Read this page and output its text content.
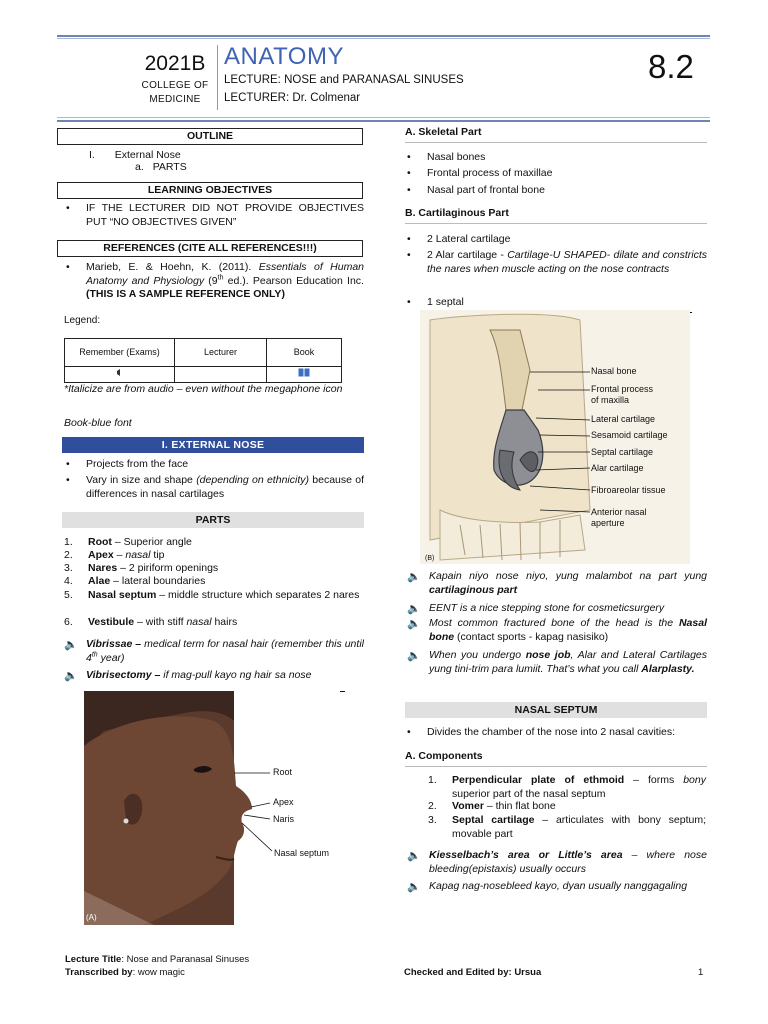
2021B
COLLEGE OF
MEDICINE
ANATOMY
LECTURE: NOSE and PARANASAL SINUSES
LECTURER: Dr. Colmenar
8.2
OUTLINE
I. External Nose
a. PARTS
LEARNING OBJECTIVES
• IF THE LECTURER DID NOT PROVIDE OBJECTIVES PUT “NO OBJECTIVES GIVEN”
REFERENCES (CITE ALL REFERENCES!!!)
• Marieb, E. & Hoehn, K. (2011). Essentials of Human Anatomy and Physiology (9th ed.). Pearson Education Inc. (THIS IS A SAMPLE REFERENCE ONLY)
Legend:
Remember (Exams)	Lecturer	Book

*Italicize are from audio – even without the megaphone icon
Book-blue font
I. EXTERNAL NOSE
• Projects from the face
• Vary in size and shape (depending on ethnicity) because of differences in nasal cartilages
PARTS
1. Root – Superior angle
2. Apex – nasal tip
3. Nares – 2 piriform openings
4. Alae – lateral boundaries
5. Nasal septum – middle structure which separates 2 nares
6. Vestibule – with stiff nasal hairs
🔈 Vibrissae – medical term for nasal hair (remember this until 4th year)
🔈 Vibrisectomy – if mag-pull kayo ng hair sa nose
Root
Apex
Naris
Nasal septum
(A)
A. Skeletal Part
• Nasal bones
• Frontal process of maxillae
• Nasal part of frontal bone
B. Cartilaginous Part
• 2 Lateral cartilage
• 2 Alar cartilage - Cartilage-U SHAPED- dilate and constricts the nares when muscle acting on the nose contracts
• 1 septal
Nasal bone
Frontal process
of maxilla
Lateral cartilage
Sesamoid cartilage
Septal cartilage
Alar cartilage
Fibroareolar tissue
Anterior nasal
aperture
(B)
🔈 Kapain niyo nose niyo, yung malambot na part yung cartilaginous part
🔈 EENT is a nice stepping stone for cosmeticsurgery
🔈 Most common fractured bone of the head is the Nasal bone (contact sports - kapag nasisiko)
🔈 When you undergo nose job, Alar and Lateral Cartilages yung tini-trim para lumiit. That’s what you call Alarplasty.
NASAL SEPTUM
• Divides the chamber of the nose into 2 nasal cavities:
A. Components
1. Perpendicular plate of ethmoid – forms bony superior part of the nasal septum
2. Vomer – thin flat bone
3. Septal cartilage – articulates with bony septum; movable part
🔈 Kiesselbach’s area or Little’s area – where nose bleeding(epistaxis) usually occurs
🔈 Kapag nag-nosebleed kayo, dyan usually nanggagaling
Lecture Title: Nose and Paranasal Sinuses
Transcribed by: wow magic	Checked and Edited by: Ursua	1
